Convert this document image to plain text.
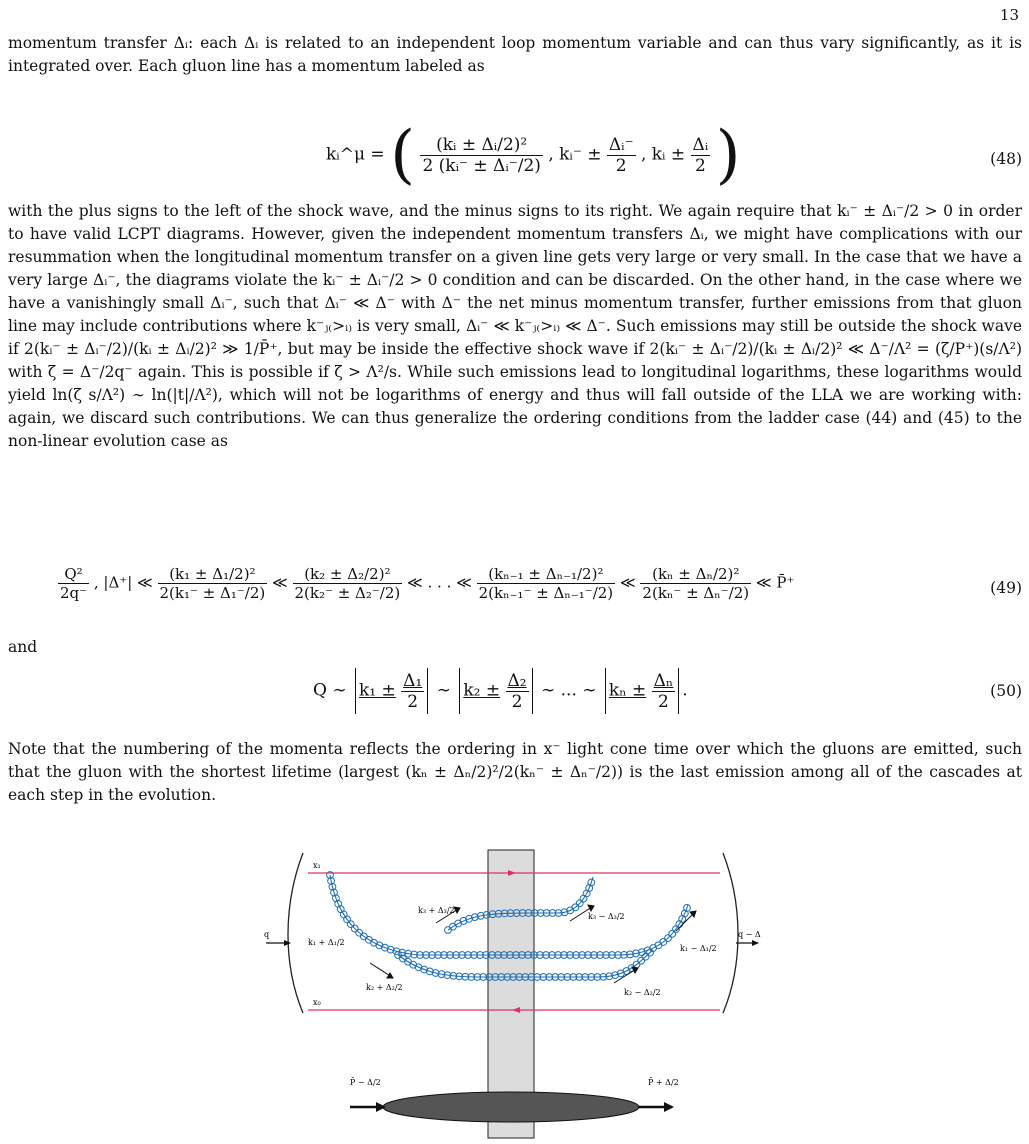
13

momentum transfer Δᵢ: each Δᵢ is related to an independent loop momentum variable and can thus vary significantly, as it is integrated over. Each gluon line has a momentum labeled as

kᵢ^μ = ( $\frac{\text{(kᵢ ± Δᵢ/2)²}}{\text{2 (kᵢ⁻ ± Δᵢ⁻/2)}}$ , kᵢ⁻ ± $\frac{\text{Δᵢ⁻}}{2}$ , kᵢ ± $\frac{\text{Δᵢ}}{2}$ )	(48)

with the plus signs to the left of the shock wave, and the minus signs to its right. We again require that kᵢ⁻ ± Δᵢ⁻/2 > 0 in order to have valid LCPT diagrams. However, given the independent momentum transfers Δᵢ, we might have complications with our resummation when the longitudinal momentum transfer on a given line gets very large or very small. In the case that we have a very large Δᵢ⁻, the diagrams violate the kᵢ⁻ ± Δᵢ⁻/2 > 0 condition and can be discarded. On the other hand, in the case where we have a vanishingly small Δᵢ⁻, such that Δᵢ⁻ ≪ Δ⁻ with Δ⁻ the net minus momentum transfer, further emissions from that gluon line may include contributions where k⁻ⱼ₍>ᵢ₎ is very small, Δᵢ⁻ ≪ k⁻ⱼ₍>ᵢ₎ ≪ Δ⁻. Such emissions may still be outside the shock wave if 2(kᵢ⁻ ± Δᵢ⁻/2)/(kᵢ ± Δᵢ/2)² ≫ 1/P̄⁺, but may be inside the effective shock wave if 2(kᵢ⁻ ± Δᵢ⁻/2)/(kᵢ ± Δᵢ/2)² ≪ Δ⁻/Λ² = (ζ/P⁺)(s/Λ²) with ζ = Δ⁻/2q⁻ again. This is possible if ζ > Λ²/s. While such emissions lead to longitudinal logarithms, these logarithms would yield ln(ζ s/Λ²) ∼ ln(|t|/Λ²), which will not be logarithms of energy and thus will fall outside of the LLA we are working with: again, we discard such contributions. We can thus generalize the ordering conditions from the ladder case (44) and (45) to the non-linear evolution case as

$\frac{\text{Q²}}{2q^-}$ , |Δ⁺| ≪ $\frac{\text{(k₁ ± Δ₁/2)²}}{\text{2(k₁⁻ ± Δ₁⁻/2)}}$ ≪ $\frac{\text{(k₂ ± Δ₂/2)²}}{\text{2(k₂⁻ ± Δ₂⁻/2)}}$ ≪ . . . ≪ $\frac{\text{(kₙ₋₁ ± Δₙ₋₁/2)²}}{\text{2(kₙ₋₁⁻ ± Δₙ₋₁⁻/2)}}$ ≪ $\frac{\text{(kₙ ± Δₙ/2)²}}{\text{2(kₙ⁻ ± Δₙ⁻/2)}}$ ≪ P̄⁺	(49)

and

Q ∼ $k_1 \pm \frac{\text{Δ₁}}{2}$ ∼ $k_2 \pm \frac{\text{Δ₂}}{2}$ ∼ ... ∼ $k_n \pm \frac{\text{Δₙ}}{2}$ .	(50)

Note that the numbering of the momenta reflects the ordering in x⁻ light cone time over which the gluons are emitted, such that the gluon with the shortest lifetime (largest (kₙ ± Δₙ/2)²/2(kₙ⁻ ± Δₙ⁻/2)) is the last emission among all of the cascades at each step in the evolution.

x₁
x₀
q	q − Δ
k₁ + Δ₁/2
k₂ + Δ₂/2
k₃ + Δ₃/2
k₃ − Δ₃/2
k₁ − Δ₁/2
k₂ − Δ₂/2
P̄ − Δ/2	P̄ + Δ/2
